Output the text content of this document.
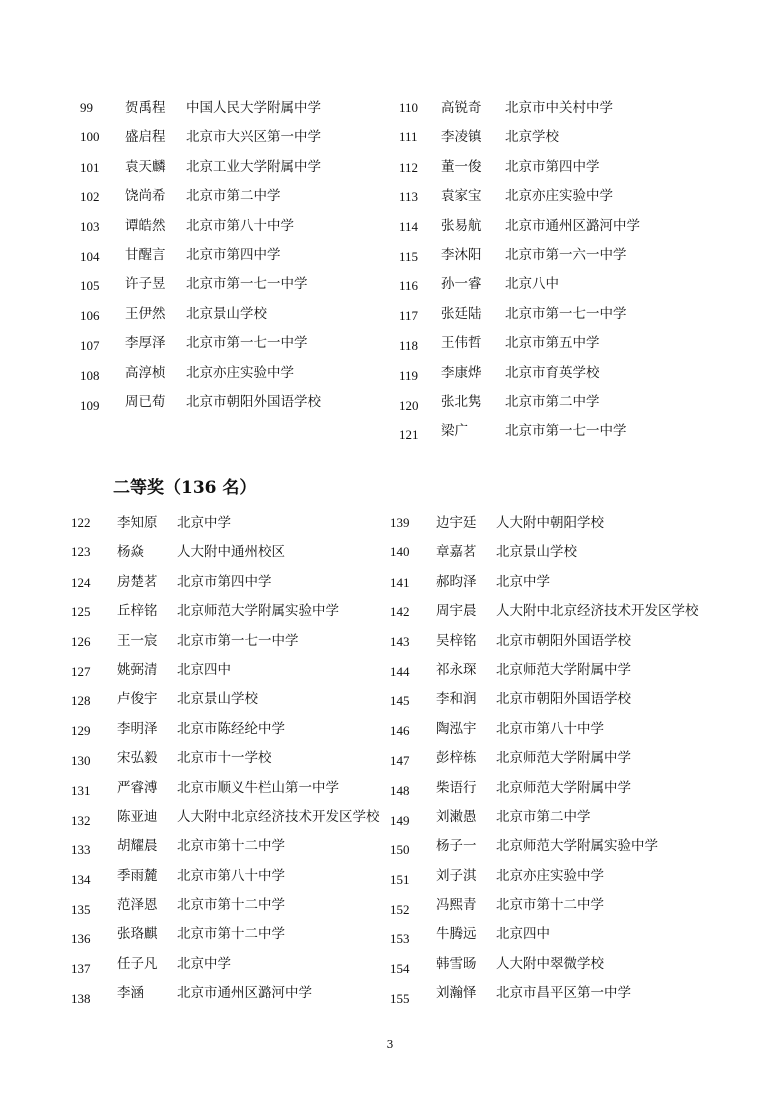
99 贺禹程 中国人民大学附属中学
100 盛启程 北京市大兴区第一中学
101 袁天麟 北京工业大学附属中学
102 饶尚希 北京市第二中学
103 谭皓然 北京市第八十中学
104 甘醒言 北京市第四中学
105 许子昱 北京市第一七一中学
106 王伊然 北京景山学校
107 李厚泽 北京市第一七一中学
108 高淳桢 北京亦庄实验中学
109 周已荀 北京市朝阳外国语学校
110 高锐奇 北京市中关村中学
111 李凌镇 北京学校
112 董一俊 北京市第四中学
113 袁家宝 北京亦庄实验中学
114 张易航 北京市通州区潞河中学
115 李沐阳 北京市第一六一中学
116 孙一睿 北京八中
117 张廷陆 北京市第一七一中学
118 王伟哲 北京市第五中学
119 李康烨 北京市育英学校
120 张北隽 北京市第二中学
121 梁广	北京市第一七一中学
二等奖（136 名）
122 李知原 北京中学
123 杨焱 人大附中通州校区
124 房楚茗 北京市第四中学
125 丘梓铭 北京师范大学附属实验中学
126 王一宸 北京市第一七一中学
127 姚弼清 北京四中
128 卢俊宇 北京景山学校
129 李明泽 北京市陈经纶中学
130 宋弘毅 北京市十一学校
131 严睿溥 北京市顺义牛栏山第一中学
132 陈亚迪 人大附中北京经济技术开发区学校
133 胡耀晨 北京市第十二中学
134 季雨麓 北京市第八十中学
135 范泽恩 北京市第十二中学
136 张珞麒 北京市第十二中学
137 任子凡 北京中学
138 李涵 北京市通州区潞河中学
139 边宇廷 人大附中朝阳学校
140 章嘉茗 北京景山学校
141 郝昀泽 北京中学
142 周宇晨 人大附中北京经济技术开发区学校
143 吴梓铭 北京市朝阳外国语学校
144 祁永琛 北京师范大学附属中学
145 李和润 北京市朝阳外国语学校
146 陶泓宇 北京市第八十中学
147 彭梓栋 北京师范大学附属中学
148 柴语行 北京师范大学附属中学
149 刘潄愚 北京市第二中学
150 杨子一 北京师范大学附属实验中学
151 刘子淇 北京亦庄实验中学
152 冯熙青 北京市第十二中学
153 牛腾远 北京四中
154 韩雪旸 人大附中翠微学校
155 刘瀚怿 北京市昌平区第一中学
3
